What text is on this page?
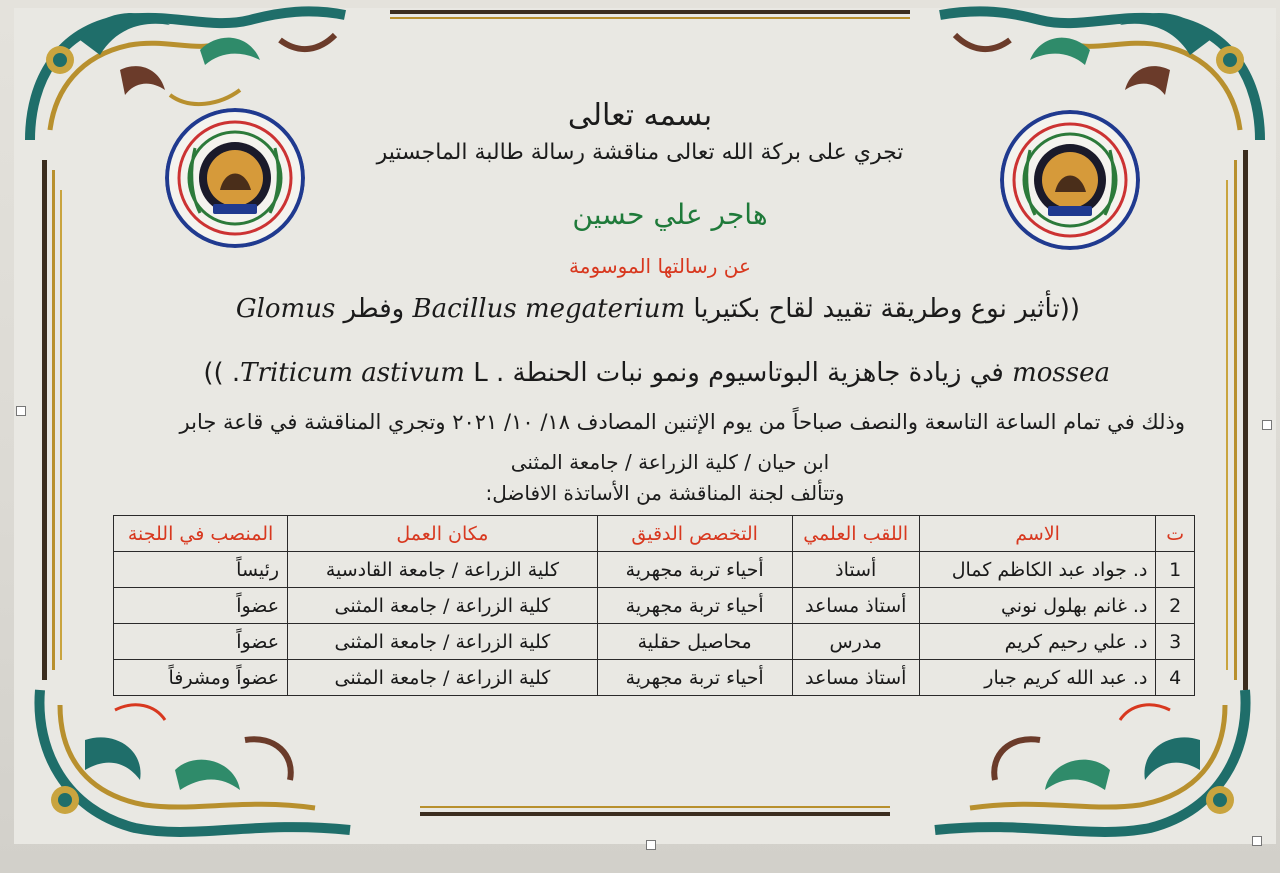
بسمه تعالى
تجري على بركة الله تعالى مناقشة رسالة طالبة الماجستير
هاجر علي حسين
عن رسالتها الموسومة
((تأثير نوع وطريقة تقييد لقاح بكتيريا Bacillus megaterium وفطر Glomus
mossea في زيادة جاهزية البوتاسيوم ونمو نبات الحنطة . Triticum astivum L. ))
وذلك في تمام الساعة التاسعة والنصف صباحاً من يوم الإثنين المصادف ١٨/ ١٠/ ٢٠٢١ وتجري المناقشة في قاعة جابر
ابن حيان / كلية الزراعة / جامعة المثنى
وتتألف لجنة المناقشة من الأساتذة الافاضل:
ت	الاسم	اللقب العلمي	التخصص الدقيق	مكان العمل	المنصب في اللجنة
1	د. جواد عبد الكاظم كمال	أستاذ	أحياء تربة مجهرية	كلية الزراعة / جامعة القادسية	رئيساً
2	د. غانم بهلول نوني	أستاذ مساعد	أحياء تربة مجهرية	كلية الزراعة / جامعة المثنى	عضواً
3	د. علي رحيم كريم	مدرس	محاصيل حقلية	كلية الزراعة / جامعة المثنى	عضواً
4	د. عبد الله كريم جبار	أستاذ مساعد	أحياء تربة مجهرية	كلية الزراعة / جامعة المثنى	عضواً ومشرفاً
